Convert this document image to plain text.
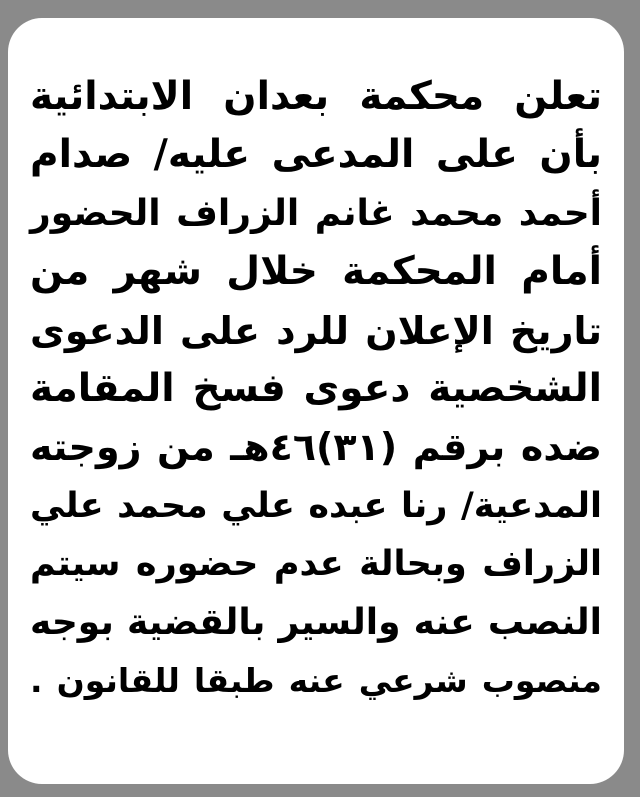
تعلن محكمة بعدان الابتدائية
بأن على المدعى عليه/ صدام
أحمد محمد غانم الزراف الحضور
أمام المحكمة خلال شهر من
تاريخ الإعلان للرد على الدعوى
الشخصية دعوى فسخ المقامة
ضده برقم (٣١)٤٦هـ من زوجته
المدعية/ رنا عبده علي محمد علي
الزراف وبحالة عدم حضوره سيتم
النصب عنه والسير بالقضية بوجه
منصوب شرعي عنه طبقا للقانون .
